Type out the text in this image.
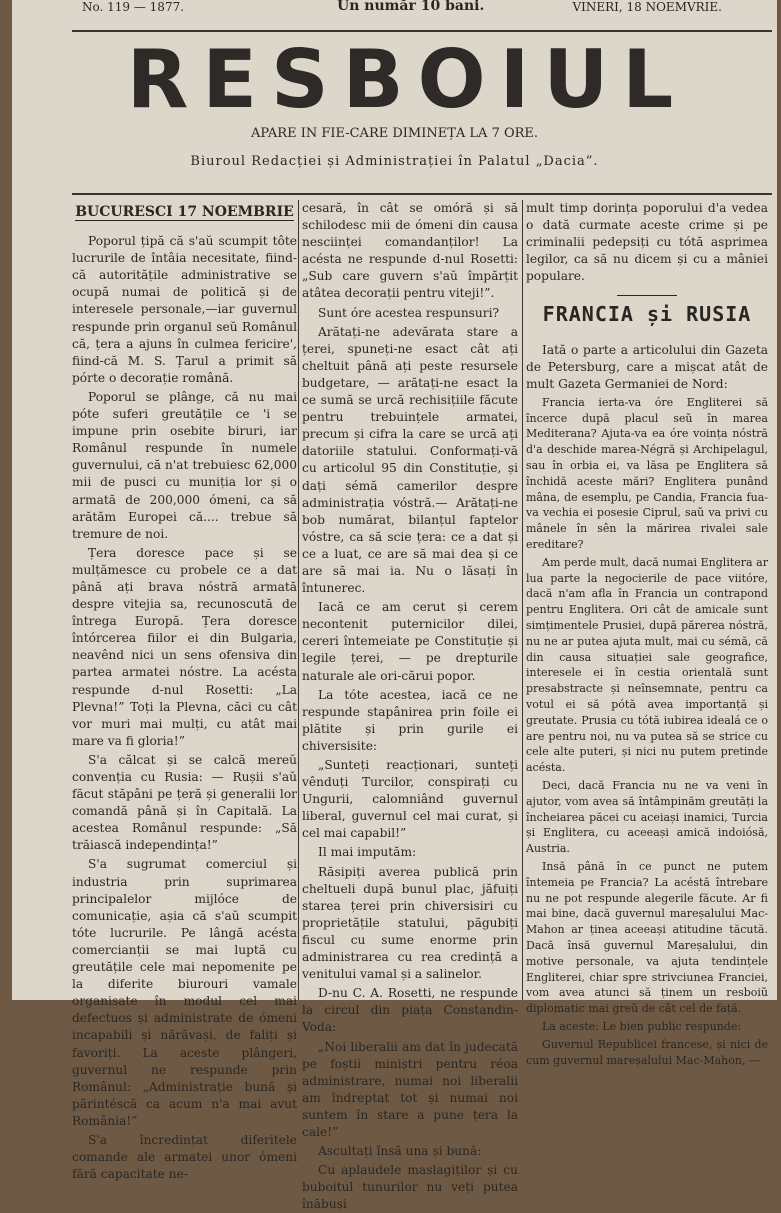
No. 119 — 1877.	Un număr 10 bani.	VINERI, 18 NOEMVRIE.
RESBOIUL
APARE IN FIE-CARE DIMINEȚA LA 7 ORE.
Biuroul Redacției și Administrației în Palatul „Dacia”.
BUCURESCI 17 NOEMBRIE

Poporul țipă că s'aŭ scumpit tôte lucrurile de întâia necesitate, fiind-că autoritățile administrative se ocupă numai de politică și de interesele personale,—iar guvernul respunde prin organul seŭ Românul că, țera a ajuns în culmea fericire', fiind-că M. S. Țarul a primit să pórte o decorație română.

Poporul se plânge, că nu mai póte suferi greutățile ce 'i se impune prin osebite biruri, iar Românul respunde în numele guvernului, că n'at trebuiesc 62,000 mii de pusci cu muniția lor și o armată de 200,000 ómeni, ca să arătăm Europei că.... trebue să tremure de noi.

Țera doresce pace și se mulțămesce cu probele ce a dat până ați brava nóstră armată despre vitejia sa, recunoscută de întrega Europă. Țera doresce întórcerea fiilor ei din Bulgaria, neavênd nici un sens ofensiva din partea armatei nóstre. La acésta respunde d-nul Rosetti: „La Plevna!” Toți la Plevna, căci cu cât vor muri mai mulți, cu atât mai mare va fi gloria!”

S'a călcat și se calcă mereŭ convenția cu Rusia: — Rușii s'aŭ făcut stăpâni pe țeră și generalii lor comandă până și în Capitală. La acestea Românul respunde: „Să trăiască independința!”

S'a sugrumat comerciul și industria prin suprimarea principalelor mijlóce de comunicație, așia că s'aŭ scumpit tóte lucrurile. Pe lângă acésta comercianții se mai luptă cu greutățile cele mai nepomenite pe la diferite biurouri vamale organisate în modul cel mai defectuos și administrate de ómeni incapabili și nărăvași, de faliți și favoriți. La aceste plângeri, guvernul ne respunde prin Românul: „Administrație bună și părintéscă ca acum n'a mai avut România!”

S'a încredințat diferitele comande ale armatei unor ómeni fără capacitate ne-

cesară, în cât se omóră și să schilodesc mii de ómeni din causa nesciinței comandanților! La acésta ne respunde d-nul Rosetti: „Sub care guvern s'aŭ împărțit atâtea decorații pentru viteji!”.

Sunt óre acestea respunsuri?

Arătați-ne adevărata stare a țerei, spuneți-ne esact cât ați cheltuit până ați peste resursele budgetare, — arătați-ne esact la ce sumă se urcă rechisițiile făcute pentru trebuințele armatei, precum și cifra la care se urcă ați datoriile statului. Conformați-vă cu articolul 95 din Constituție, și dați sémă camerilor despre administrația vóstră.— Arătați-ne bob numărat, bilanțul faptelor vóstre, ca să scie țera: ce a dat și ce a luat, ce are să mai dea și ce are să mai ia. Nu o lăsați în întunerec.

Iacă ce am cerut și cerem necontenit puternicilor dilei, cereri întemeiate pe Constituție și legile țerei, — pe drepturile naturale ale ori-cărui popor.

La tóte acestea, iacă ce ne respunde stapânirea prin foile ei plătite și prin gurile ei chiversisite:

„Sunteți reacționari, sunteți vênduți Turcilor, conspirați cu Ungurii, calomniând guvernul liberal, guvernul cel mai curat, și cel mai capabil!”

Il mai imputăm:

Răsipiți averea publică prin cheltueli după bunul plac, jăfuiți starea țerei prin chiversisiri cu proprietățile statului, păgubiți fiscul cu sume enorme prin administrarea cu rea credință a venitului vamal și a salinelor.

D-nu C. A. Rosetti, ne respunde la circul din piața Constandin-Voda:

„Noi liberalii am dat în judecată pe foștii miniștri pentru réoa administrare, numai noi liberalii am îndreptat tot și numai noi suntem în stare a pune țera la cale!”

Ascultați însă una și bună:

Cu aplaudele maslagiților și cu buboitul tunurilor nu veți putea înăbuși

mult timp dorința poporului d'a vedea o dată curmate aceste crime și pe criminalii pedepsiți cu tótă asprimea legilor, ca să nu dicem și cu a mâniei populare.

FRANCIA și RUSIA

Iată o parte a articolului din Gazeta de Petersburg, care a mișcat atât de mult Gazeta Germaniei de Nord:

Francia ierta-va óre Engliterei să încerce după placul seŭ în marea Mediterana? Ajuta-va ea óre voința nóstră d'a deschide marea-Négră și Archipelagul, sau în orbia ei, va lăsa pe Engliterа să închidă aceste mări? Engliterа punând mâna, de esemplu, pe Candia, Francia fua-va vechia ei posesie Ciprul, saŭ va privi cu mânele în sên la mărirea rivalei sale ereditare?

Am perde mult, dacă numai Engliterа ar lua parte la negocierile de pace viitóre, dacă n'am afla în Francia un contrapond pentru Engliterа. Ori cât de amicale sunt simțimentele Prusiei, după părerea nóstră, nu ne ar putea ajuta mult, mai cu sémă, că din causa situației sale geografice, interesele ei în cestia orientală sunt presabstracte și neînsemnate, pentru ca votul ei să pótă avea importanță și greutate. Prusia cu tótă iubirea idealá ce o are pentru noi, nu va putea să se strice cu cele alte puteri, și nici nu putem pretinde acésta.

Deci, dacă Francia nu ne va veni în ajutor, vom avea să întâmpinăm greutăți la încheiarea păcei cu aceiași inamici, Turcia și Engliterа, cu aceeași amică indoiósă, Austria.

Insă până în ce punct ne putem întemeia pe Francia? La acéstă întrebare nu ne pot respunde alegerile făcute. Ar fi mai bine, dacă guvernul mareșalului Mac-Mahon ar ținea aceeași atitudine tăcută. Dacă însă guvernul Mareșalului, din motive personale, va ajuta tendințele Engliterei, chiar spre strivciunea Franciei, vom avea atunci să ținem un resboiŭ diplomatic mai greŭ de cât cel de față.

La aceste: Le bien public respunde:

Guvernul Republicei francese, și nici de cum guvernul mareșalului Mac-Mahon, —
